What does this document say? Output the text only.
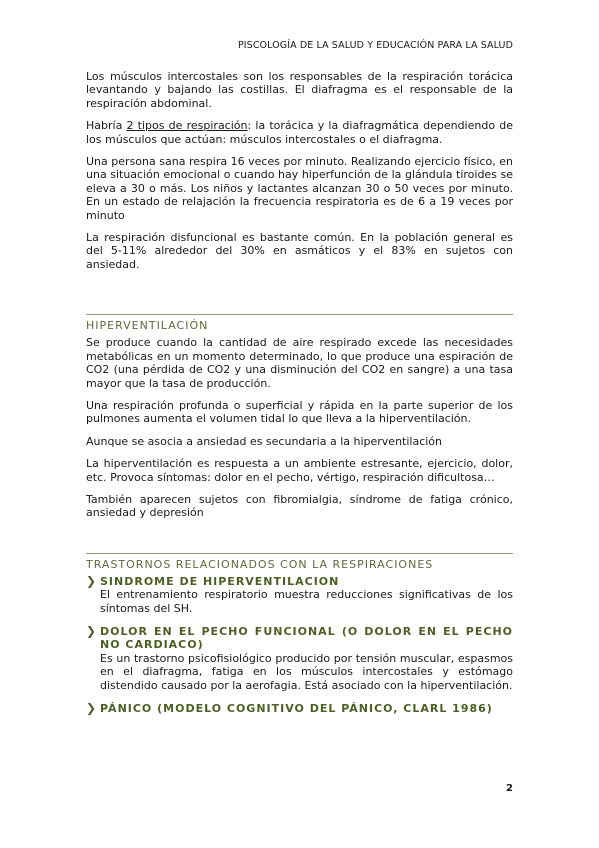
PISCOLOGÍA DE LA SALUD Y EDUCACIÓN PARA LA SALUD

Los músculos intercostales son los responsables de la respiración torácica levantando y bajando las costillas. El diafragma es el responsable de la respiración abdominal.

Habría 2 tipos de respiración: la torácica y la diafragmática dependiendo de los músculos que actúan: músculos intercostales o el diafragma.

Una persona sana respira 16 veces por minuto. Realizando ejercicio físico, en una situación emocional o cuando hay hiperfunción de la glándula tiroides se eleva a 30 o más. Los niños y lactantes alcanzan 30 o 50 veces por minuto. En un estado de relajación la frecuencia respiratoria es de 6 a 19 veces por minuto

La respiración disfuncional es bastante común. En la población general es del 5-11% alrededor del 30% en asmáticos y el 83% en sujetos con ansiedad.

HIPERVENTILACIÓN

Se produce cuando la cantidad de aire respirado excede las necesidades metabólicas en un momento determinado, lo que produce una espiración de CO2 (una pérdida de CO2 y una disminución del CO2 en sangre) a una tasa mayor que la tasa de producción.

Una respiración profunda o superficial y rápida en la parte superior de los pulmones aumenta el volumen tidal lo que lleva a la hiperventilación.

Aunque se asocia a ansiedad es secundaria a la hiperventilación

La hiperventilación es respuesta a un ambiente estresante, ejercicio, dolor, etc. Provoca síntomas: dolor en el pecho, vértigo, respiración dificultosa…

También aparecen sujetos con fibromialgia, síndrome de fatiga crónico, ansiedad y depresión

TRASTORNOS RELACIONADOS CON LA RESPIRACIONES
❯ SINDROME DE HIPERVENTILACION
El entrenamiento respiratorio muestra reducciones significativas de los síntomas del SH.
❯ DOLOR EN EL PECHO FUNCIONAL (O DOLOR EN EL PECHO NO CARDIACO)
Es un trastorno psicofisiológico producido por tensión muscular, espasmos en el diafragma, fatiga en los músculos intercostales y estómago distendido causado por la aerofagia. Está asociado con la hiperventilación.
❯ PÁNICO (MODELO COGNITIVO DEL PÁNICO, CLARL 1986)
2
